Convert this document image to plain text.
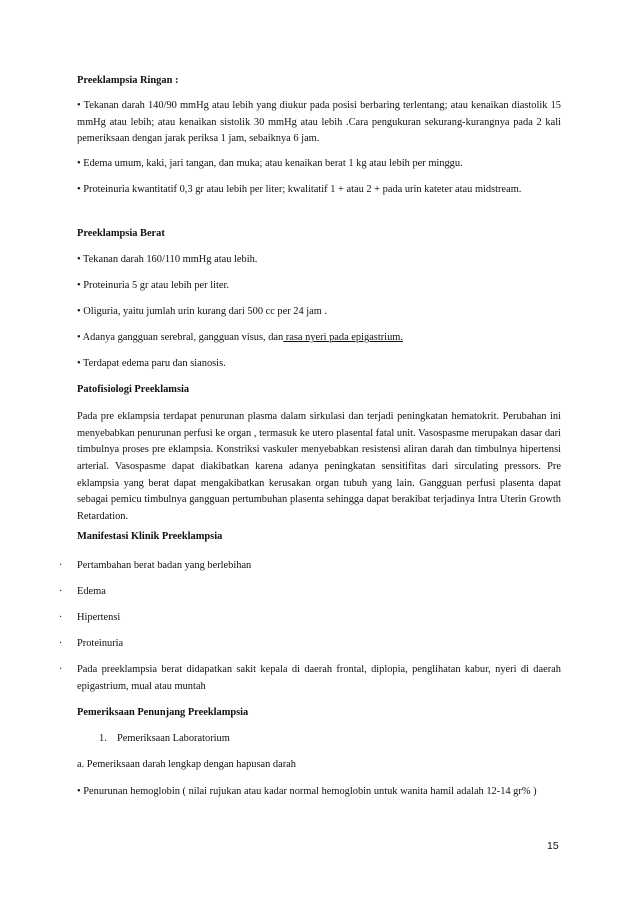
Preeklampsia Ringan :

• Tekanan darah 140/90 mmHg atau lebih yang diukur pada posisi berbaring terlentang; atau kenaikan diastolik 15 mmHg atau lebih; atau kenaikan sistolik 30 mmHg atau lebih .Cara pengukuran sekurang-kurangnya pada 2 kali pemeriksaan dengan jarak periksa 1 jam, sebaiknya 6 jam.

• Edema umum, kaki, jari tangan, dan muka; atau kenaikan berat 1 kg atau lebih per minggu.

• Proteinuria kwantitatif 0,3 gr atau lebih per liter; kwalitatif 1 + atau 2 + pada urin kateter atau midstream.

Preeklampsia Berat

• Tekanan darah 160/110 mmHg atau lebih.

• Proteinuria 5 gr atau lebih per liter.

• Oliguria, yaitu jumlah urin kurang dari 500 cc per 24 jam .

• Adanya gangguan serebral, gangguan visus, dan rasa nyeri pada epigastrium.

• Terdapat edema paru dan sianosis.

Patofisiologi Preeklamsia

Pada pre eklampsia terdapat penurunan plasma dalam sirkulasi dan terjadi peningkatan hematokrit. Perubahan ini menyebabkan penurunan perfusi ke organ , termasuk ke utero plasental fatal unit. Vasospasme merupakan dasar dari timbulnya proses pre eklampsia. Konstriksi vaskuler menyebabkan resistensi aliran darah dan timbulnya hipertensi arterial. Vasospasme dapat diakibatkan karena adanya peningkatan sensitifitas dari sirculating pressors. Pre eklampsia yang berat dapat mengakibatkan kerusakan organ tubuh yang lain. Gangguan perfusi plasenta dapat sebagai pemicu timbulnya gangguan pertumbuhan plasenta sehingga dapat berakibat terjadinya Intra Uterin Growth Retardation.

Manifestasi Klinik Preeklampsia

· Pertambahan berat badan yang berlebihan

· Edema

· Hipertensi

· Proteinuria

· Pada preeklampsia berat didapatkan sakit kepala di daerah frontal, diplopia, penglihatan kabur, nyeri di daerah epigastrium, mual atau muntah

Pemeriksaan Penunjang Preeklampsia

1. Pemeriksaan Laboratorium

a. Pemeriksaan darah lengkap dengan hapusan darah

• Penurunan hemoglobin ( nilai rujukan atau kadar normal hemoglobin untuk wanita hamil adalah 12-14 gr% )

15
